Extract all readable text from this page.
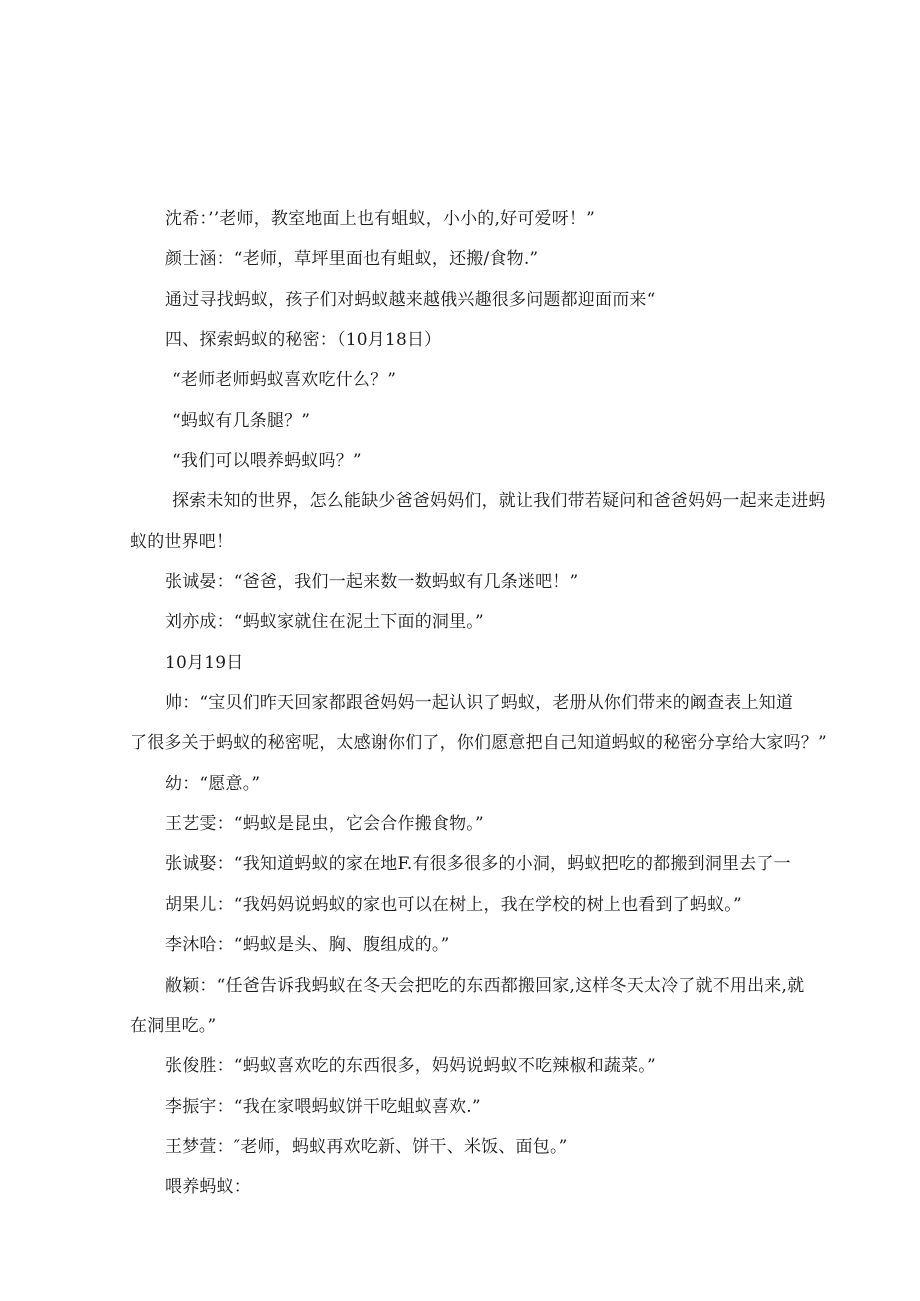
沈希：’’老师，教室地面上也有蛆蚁，小小的,好可爱呀！”
颜士涵：“老师，草坪里面也有蛆蚁，还搬/食物.”
通过寻找蚂蚁，孩子们对蚂蚁越来越俄兴趣很多问题都迎面而来“
四、探索蚂蚁的秘密：（10月18日）
“老师老师蚂蚁喜欢吃什么？”
“蚂蚁有几条腿？”
“我们可以喂养蚂蚁吗？”
探索未知的世界，怎么能缺少爸爸妈妈们，就让我们带若疑问和爸爸妈妈一起来走进蚂
蚁的世界吧！
张诚晏：“爸爸，我们一起来数一数蚂蚁有几条迷吧！”
刘亦成：“蚂蚁家就住在泥土下面的洞里。”
10月19日
帅：“宝贝们昨天回家都跟爸妈妈一起认识了蚂蚁，老册从你们带来的阚查表上知道
了很多关于蚂蚁的秘密呢，太感谢你们了，你们愿意把自己知道蚂蚁的秘密分享给大家吗？”
幼：“愿意。”
王艺雯：“蚂蚁是昆虫，它会合作搬食物。”
张诚娶：“我知道蚂蚁的家在地F.有很多很多的小洞，蚂蚁把吃的都搬到洞里去了一
胡果儿：“我妈妈说蚂蚁的家也可以在树上，我在学校的树上也看到了蚂蚁。”
李沐哈：“蚂蚁是头、胸、腹组成的。”
敝颖：“任爸告诉我蚂蚁在冬天会把吃的东西都搬回家,这样冬天太冷了就不用出来,就
在洞里吃。”
张俊胜：“蚂蚁喜欢吃的东西很多，妈妈说蚂蚁不吃辣椒和蔬菜。”
李振宇：“我在家喂蚂蚁饼干吃蛆蚁喜欢.”
王梦萱：″老师，蚂蚁再欢吃新、饼干、米饭、面包。”
喂养蚂蚁：
